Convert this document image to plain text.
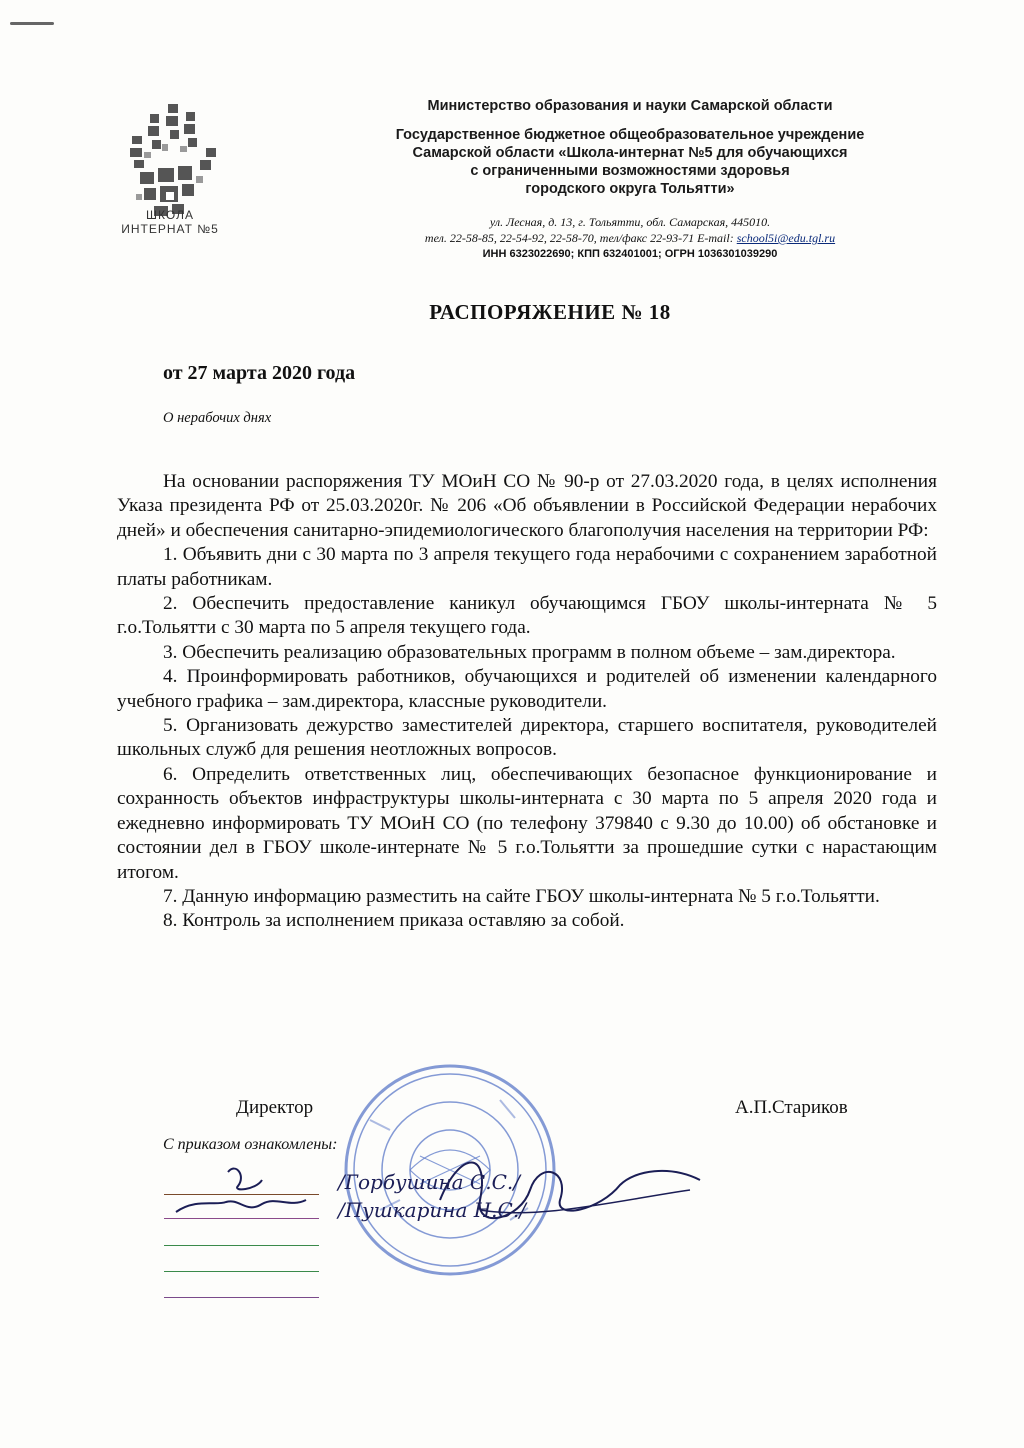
ШКОЛА
ИНТЕРНАТ №5
Министерство образования и науки Самарской области
Государственное бюджетное общеобразовательное учреждение
Самарской области «Школа-интернат №5 для обучающихся
с ограниченными возможностями здоровья
городского округа Тольятти»
ул. Лесная, д. 13, г. Тольятти, обл. Самарская, 445010.
тел. 22-58-85, 22-54-92, 22-58-70, тел/факс 22-93-71 E-mail: school5i@edu.tgl.ru
ИНН 6323022690; КПП 632401001; ОГРН 1036301039290
РАСПОРЯЖЕНИЕ № 18
от 27 марта 2020 года
О нерабочих днях

На основании распоряжения ТУ МОиН СО № 90-р от 27.03.2020 года, в целях исполнения Указа президента РФ от 25.03.2020г. № 206 «Об объявлении в Российской Федерации нерабочих дней» и обеспечения санитарно-эпидемиологического благополучия населения на территории РФ:

1. Объявить дни с 30 марта по 3 апреля текущего года нерабочими с сохранением заработной платы работникам.

2. Обеспечить предоставление каникул обучающимся ГБОУ школы-интерната № 5 г.о.Тольятти с 30 марта по 5 апреля текущего года.

3. Обеспечить реализацию образовательных программ в полном объеме – зам.директора.

4. Проинформировать работников, обучающихся и родителей об изменении календарного учебного графика – зам.директора, классные руководители.

5. Организовать дежурство заместителей директора, старшего воспитателя, руководителей школьных служб для решения неотложных вопросов.

6. Определить ответственных лиц, обеспечивающих безопасное функционирование и сохранность объектов инфраструктуры школы-интерната с 30 марта по 5 апреля 2020 года и ежедневно информировать ТУ МОиН СО (по телефону 379840 с 9.30 до 10.00) об обстановке и состоянии дел в ГБОУ школе-интернате № 5 г.о.Тольятти за прошедшие сутки с нарастающим итогом.

7. Данную информацию разместить на сайте ГБОУ школы-интерната № 5 г.о.Тольятти.

8. Контроль за исполнением приказа оставляю за собой.

Директор	А.П.Стариков
С приказом ознакомлены:
/Горбушина С.С./
/Пушкарина Н.С./
